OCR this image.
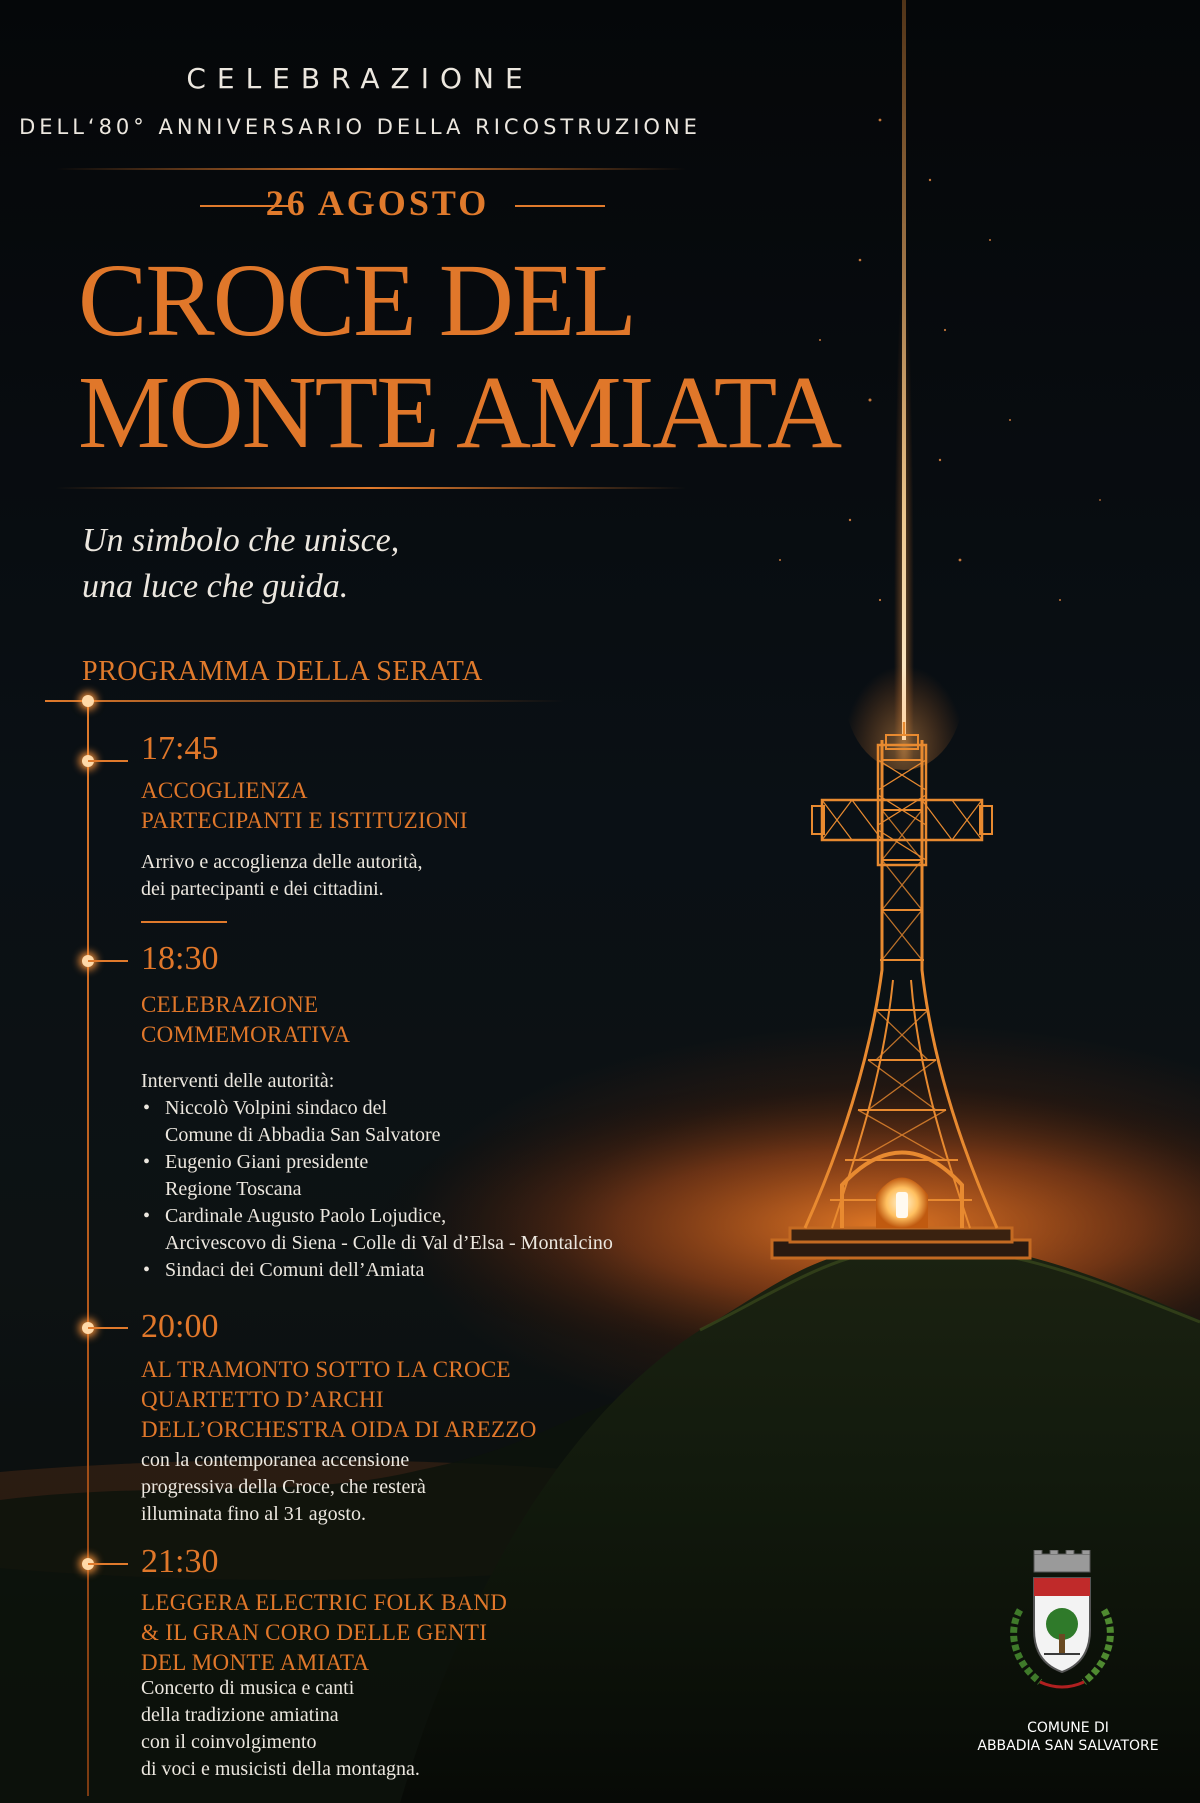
CELEBRAZIONE
DELL‘80° ANNIVERSARIO DELLA RICOSTRUZIONE
26 AGOSTO
CROCE DEL
MONTE AMIATA
Un simbolo che unisce,
una luce che guida.
PROGRAMMA DELLA SERATA
17:45
ACCOGLIENZA
PARTECIPANTI E ISTITUZIONI
Arrivo e accoglienza delle autorità,
dei partecipanti e dei cittadini.
18:30
CELEBRAZIONE
COMMEMORATIVA
Interventi delle autorità:
• Niccolò Volpini sindaco del
Comune di Abbadia San Salvatore
• Eugenio Giani presidente
Regione Toscana
• Cardinale Augusto Paolo Lojudice,
Arcivescovo di Siena - Colle di Val d’Elsa - Montalcino
• Sindaci dei Comuni dell’Amiata
20:00
AL TRAMONTO SOTTO LA CROCE
QUARTETTO D’ARCHI
DELL’ORCHESTRA OIDA DI AREZZO
con la contemporanea accensione
progressiva della Croce, che resterà
illuminata fino al 31 agosto.
21:30
LEGGERA ELECTRIC FOLK BAND
& IL GRAN CORO DELLE GENTI
DEL MONTE AMIATA
Concerto di musica e canti
della tradizione amiatina
con il coinvolgimento
di voci e musicisti della montagna.
COMUNE DI
ABBADIA SAN SALVATORE
